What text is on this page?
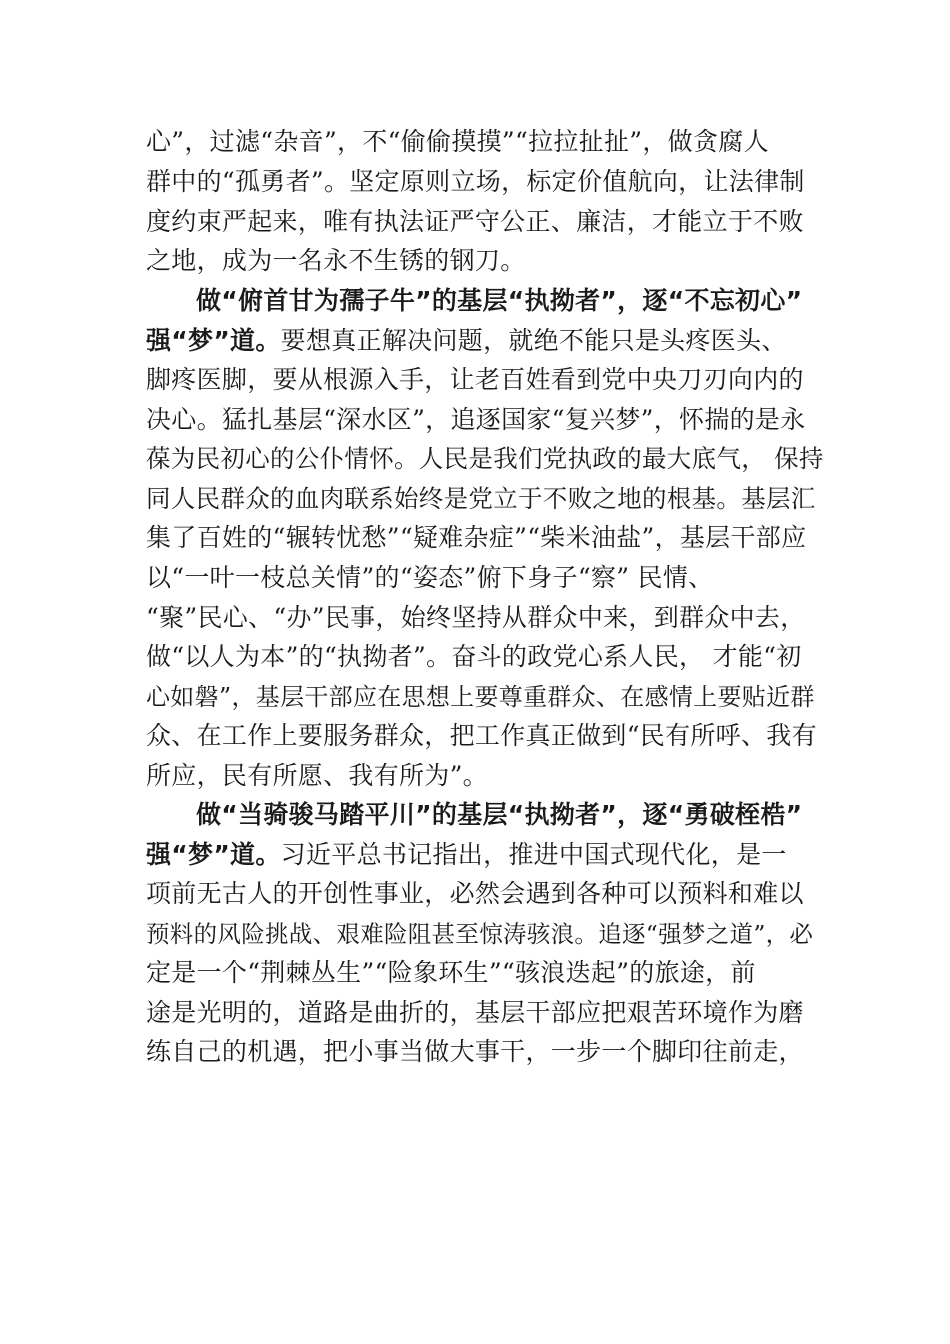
心”，过滤“杂音”，不“偷偷摸摸”“拉拉扯扯”，做贪腐人
群中的“孤勇者”。坚定原则立场，标定价值航向，让法律制
度约束严起来，唯有执法证严守公正、廉洁，才能立于不败
之地，成为一名永不生锈的钢刀。
做“俯首甘为孺子牛”的基层“执拗者”，逐“不忘初心”
强“梦”道。要想真正解决问题，就绝不能只是头疼医头、
脚疼医脚，要从根源入手，让老百姓看到党中央刀刃向内的
决心。猛扎基层“深水区”，追逐国家“复兴梦”，怀揣的是永
葆为民初心的公仆情怀。人民是我们党执政的最大底气， 保持
同人民群众的血肉联系始终是党立于不败之地的根基。基层汇
集了百姓的“辗转忧愁”“疑难杂症”“柴米油盐”，基层干部应
以“一叶一枝总关情”的“姿态”俯下身子“察” 民情、
“聚”民心、“办”民事，始终坚持从群众中来，到群众中去，
做“以人为本”的“执拗者”。奋斗的政党心系人民， 才能“初
心如磐”，基层干部应在思想上要尊重群众、在感情上要贴近群
众、在工作上要服务群众，把工作真正做到“民有所呼、我有
所应，民有所愿、我有所为”。
做“当骑骏马踏平川”的基层“执拗者”，逐“勇破桎梏”
强“梦”道。习近平总书记指出，推进中国式现代化，是一
项前无古人的开创性事业，必然会遇到各种可以预料和难以
预料的风险挑战、艰难险阻甚至惊涛骇浪。追逐“强梦之道”，必
定是一个“荆棘丛生”“险象环生”“骇浪迭起”的旅途，前
途是光明的，道路是曲折的，基层干部应把艰苦环境作为磨
练自己的机遇，把小事当做大事干，一步一个脚印往前走，
